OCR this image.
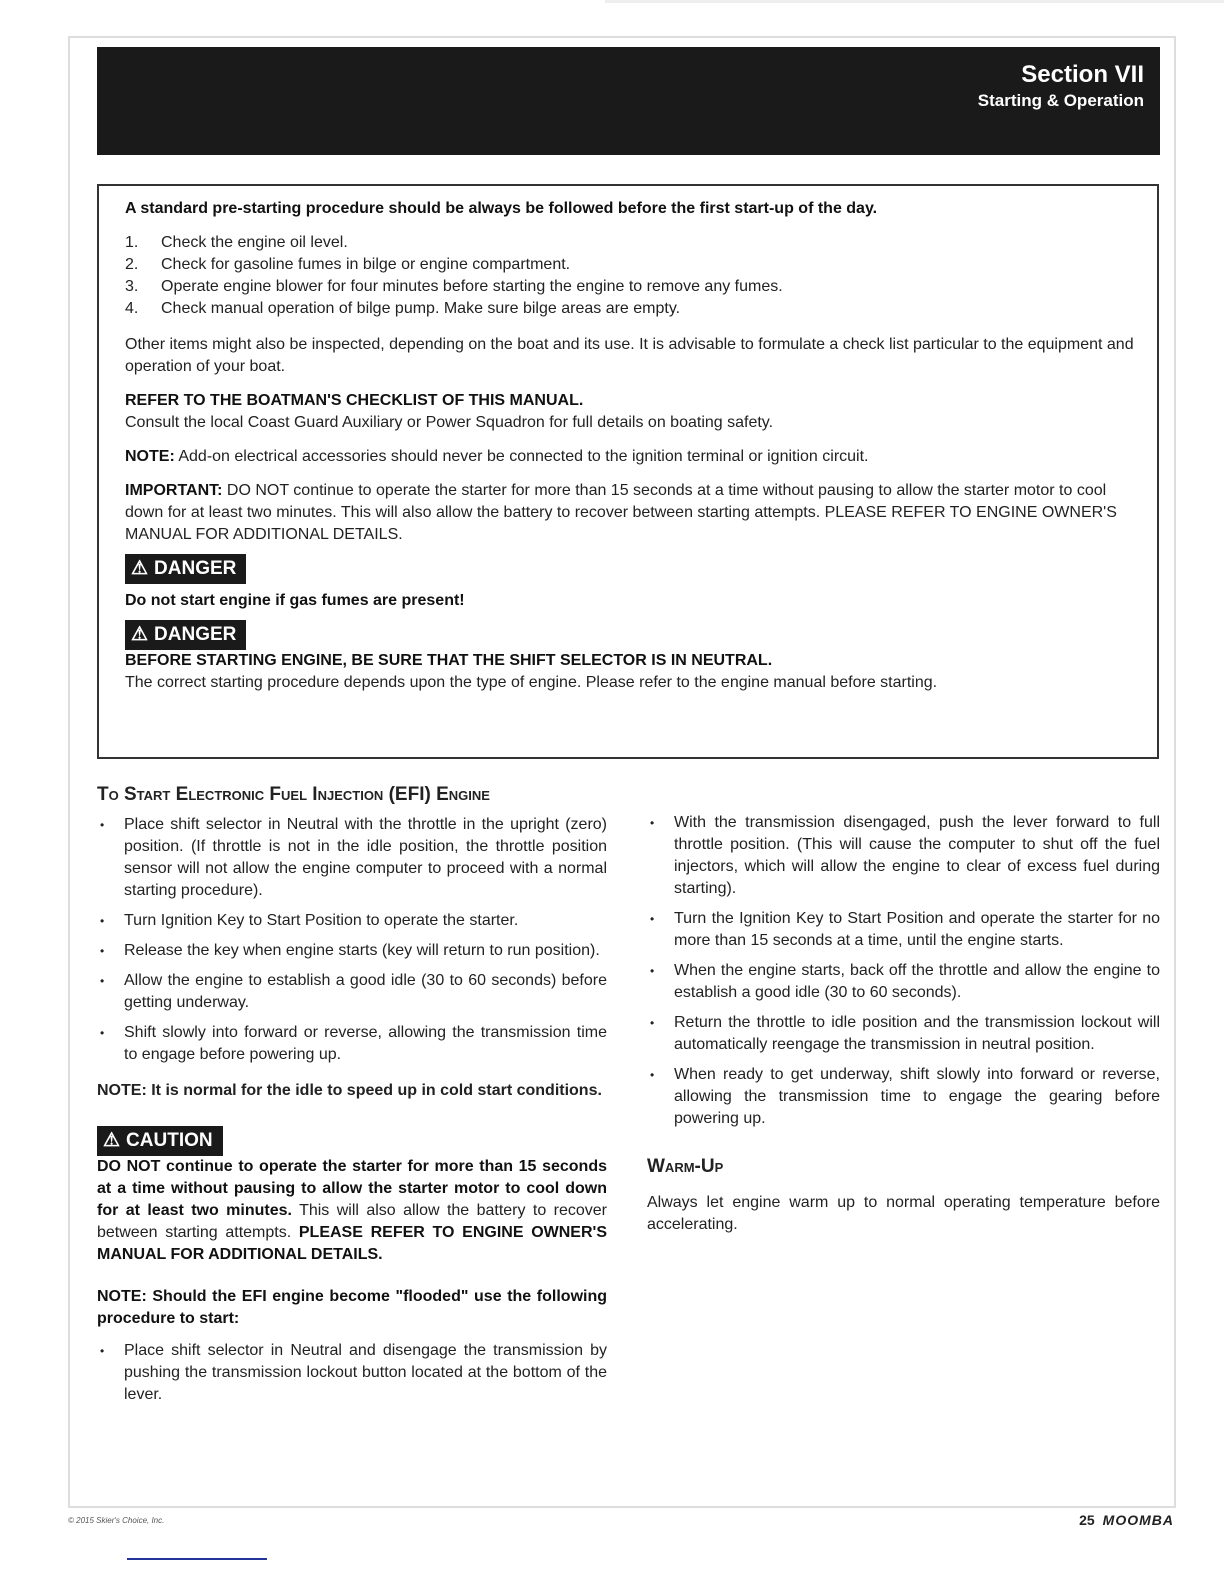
Section VII
Starting & Operation

A standard pre-starting procedure should be always be followed before the first start-up of the day.

1.	Check the engine oil level.
2.	Check for gasoline fumes in bilge or engine compartment.
3.	Operate engine blower for four minutes before starting the engine to remove any fumes.
4.	Check manual operation of bilge pump. Make sure bilge areas are empty.

Other items might also be inspected, depending on the boat and its use. It is advisable to formulate a check list particular to the equipment and operation of your boat.

REFER TO THE BOATMAN'S CHECKLIST OF THIS MANUAL.
Consult the local Coast Guard Auxiliary or Power Squadron for full details on boating safety.

NOTE: Add-on electrical accessories should never be connected to the ignition terminal or ignition circuit.

IMPORTANT: DO NOT continue to operate the starter for more than 15 seconds at a time without pausing to allow the starter motor to cool down for at least two minutes. This will also allow the battery to recover between starting attempts. PLEASE REFER TO ENGINE OWNER'S MANUAL FOR ADDITIONAL DETAILS.

⚠ DANGER

Do not start engine if gas fumes are present!

⚠ DANGER
BEFORE STARTING ENGINE, BE SURE THAT THE SHIFT SELECTOR IS IN NEUTRAL.
The correct starting procedure depends upon the type of engine. Please refer to the engine manual before starting.
To Start Electronic Fuel Injection (EFI) Engine
• Place shift selector in Neutral with the throttle in the upright (zero) position. (If throttle is not in the idle position, the throttle position sensor will not allow the engine computer to proceed with a normal starting procedure).
• Turn Ignition Key to Start Position to operate the starter.
• Release the key when engine starts (key will return to run position).
• Allow the engine to establish a good idle (30 to 60 seconds) before getting underway.
• Shift slowly into forward or reverse, allowing the transmission time to engage before powering up.

NOTE: It is normal for the idle to speed up in cold start conditions.

⚠ CAUTION

DO NOT continue to operate the starter for more than 15 seconds at a time without pausing to allow the starter motor to cool down for at least two minutes. This will also allow the battery to recover between starting attempts. PLEASE REFER TO ENGINE OWNER'S MANUAL FOR ADDITIONAL DETAILS.

NOTE: Should the EFI engine become "flooded" use the following procedure to start:

• Place shift selector in Neutral and disengage the transmission by pushing the transmission lockout button located at the bottom of the lever.
• With the transmission disengaged, push the lever forward to full throttle position. (This will cause the computer to shut off the fuel injectors, which will allow the engine to clear of excess fuel during starting).
• Turn the Ignition Key to Start Position and operate the starter for no more than 15 seconds at a time, until the engine starts.
• When the engine starts, back off the throttle and allow the engine to establish a good idle (30 to 60 seconds).
• Return the throttle to idle position and the transmission lockout will automatically reengage the transmission in neutral position.
• When ready to get underway, shift slowly into forward or reverse, allowing the transmission time to engage the gearing before powering up.
Warm-Up

Always let engine warm up to normal operating temperature before accelerating.

© 2015 Skier's Choice, Inc.	25 MOOMBA
